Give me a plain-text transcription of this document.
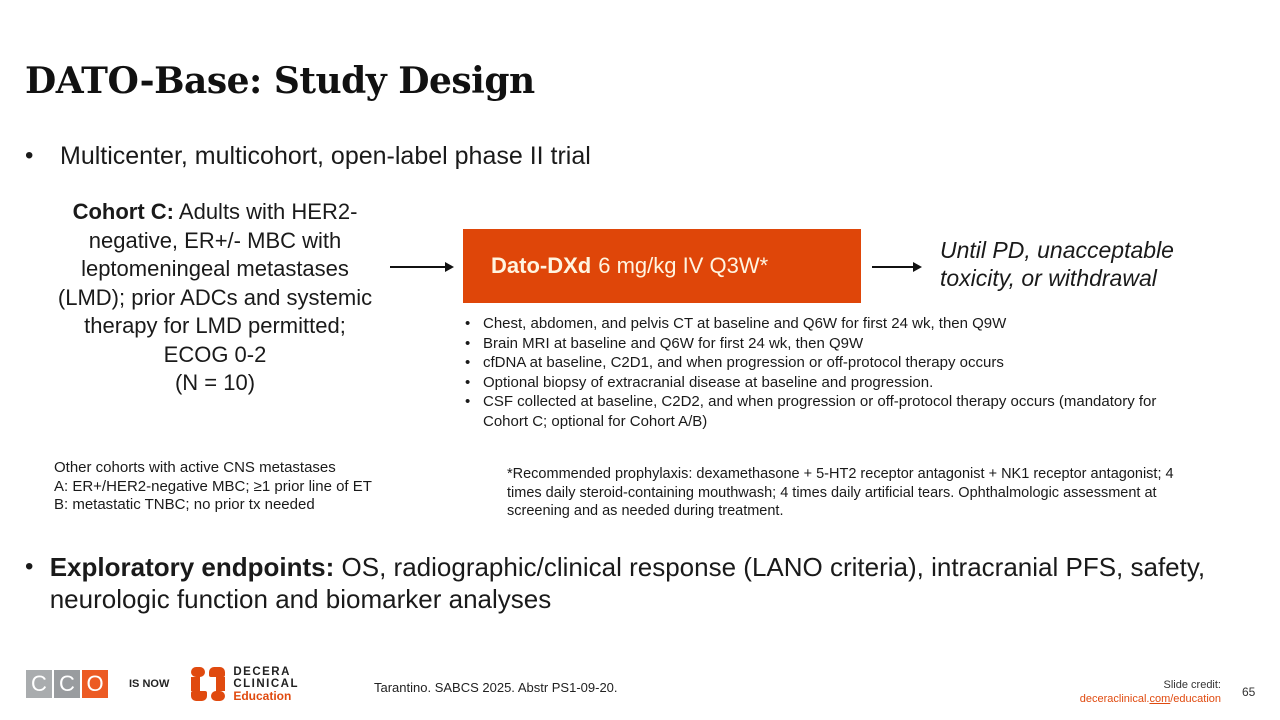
DATO-Base: Study Design
•	Multicenter, multicohort, open-label phase II trial
Cohort C: Adults with HER2-negative, ER+/- MBC with leptomeningeal metastases (LMD); prior ADCs and systemic therapy for LMD permitted; ECOG 0-2
(N = 10)
Dato-DXd 6 mg/kg IV Q3W*
Until PD, unacceptable
toxicity, or withdrawal
• Chest, abdomen, and pelvis CT at baseline and Q6W for first 24 wk, then Q9W
• Brain MRI at baseline and Q6W for first 24 wk, then Q9W
• cfDNA at baseline, C2D1, and when progression or off-protocol therapy occurs
• Optional biopsy of extracranial disease at baseline and progression.
• CSF collected at baseline, C2D2, and when progression or off-protocol therapy occurs (mandatory for Cohort C; optional for Cohort A/B)
Other cohorts with active CNS metastases
A: ER+/HER2-negative MBC; ≥1 prior line of ET
B: metastatic TNBC; no prior tx needed
*Recommended prophylaxis: dexamethasone + 5-HT2 receptor antagonist + NK1 receptor antagonist; 4 times daily steroid-containing mouthwash; 4 times daily artificial tears. Ophthalmologic assessment at screening and as needed during treatment.
• Exploratory endpoints: OS, radiographic/clinical response (LANO criteria), intracranial PFS, safety, neurologic function and biomarker analyses
C C O	IS NOW
DECERA
CLINICAL
Education
Tarantino. SABCS 2025. Abstr PS1-09-20.	Slide credit:
deceraclinical.com/education 65
